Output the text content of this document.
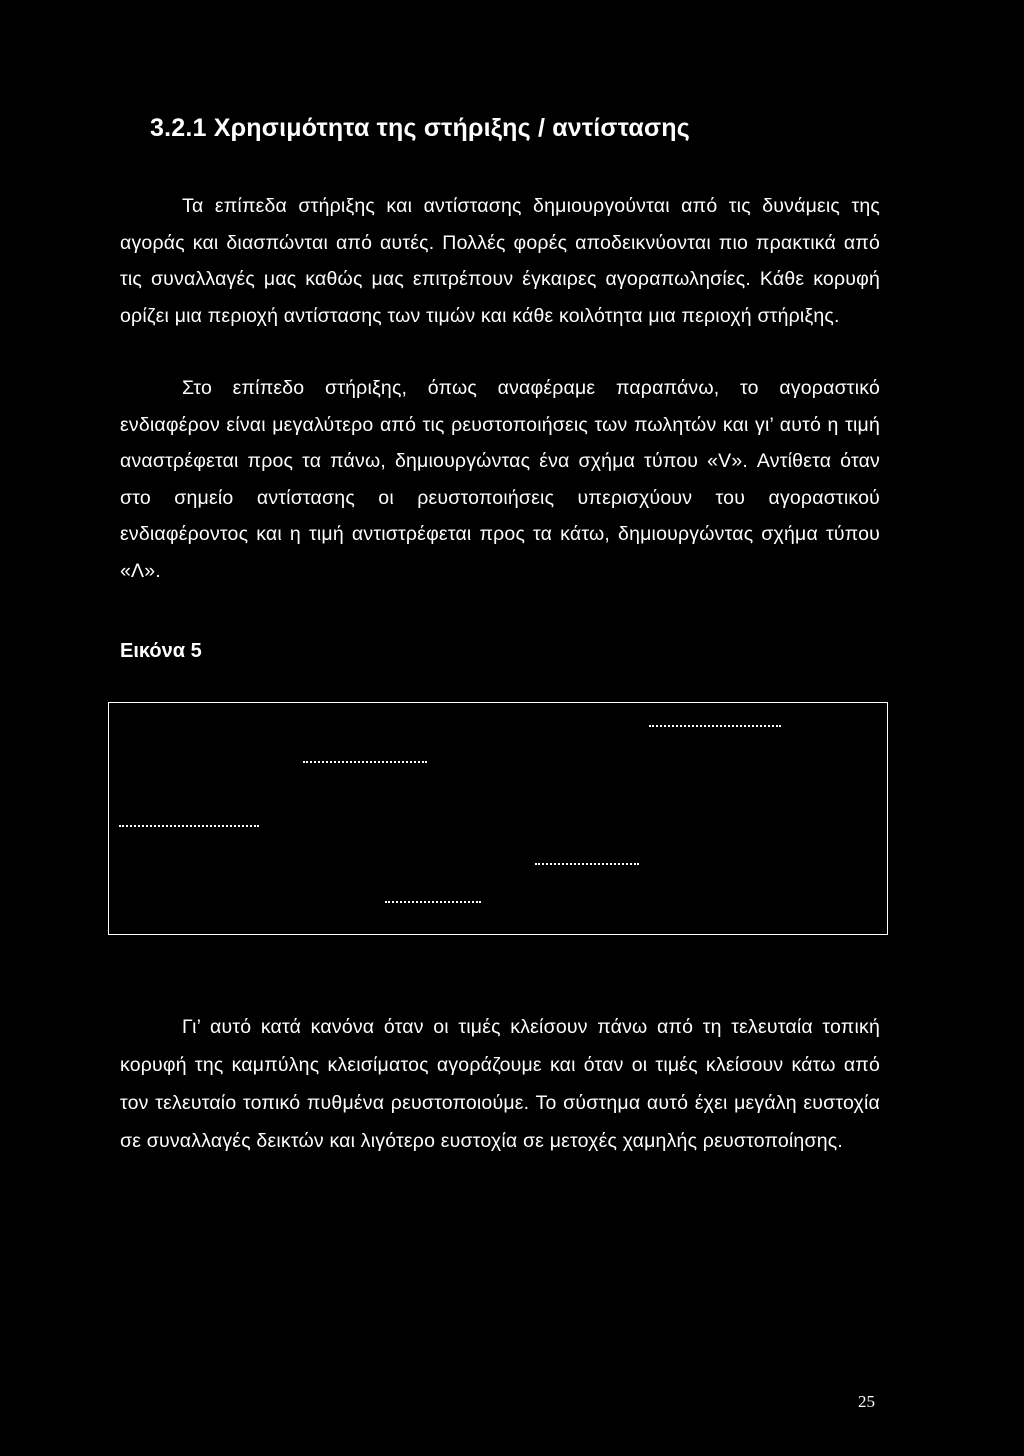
3.2.1 Χρησιμότητα της στήριξης / αντίστασης

Τα επίπεδα στήριξης και αντίστασης δημιουργούνται από τις δυνάμεις της αγοράς και διασπώνται από αυτές. Πολλές φορές αποδεικνύονται πιο πρακτικά από τις συναλλαγές μας καθώς μας επιτρέπουν έγκαιρες αγοραπωλησίες. Κάθε κορυφή ορίζει μια περιοχή αντίστασης των τιμών και κάθε κοιλότητα μια περιοχή στήριξης.

Στο επίπεδο στήριξης, όπως αναφέραμε παραπάνω, το αγοραστικό ενδιαφέρον είναι μεγαλύτερο από τις ρευστοποιήσεις των πωλητών και γι’ αυτό η τιμή αναστρέφεται προς τα πάνω, δημιουργώντας ένα σχήμα τύπου «V». Αντίθετα όταν στο σημείο αντίστασης οι ρευστοποιήσεις υπερισχύουν του αγοραστικού ενδιαφέροντος και η τιμή αντιστρέφεται προς τα κάτω, δημιουργώντας σχήμα τύπου «Λ».

Εικόνα 5

Γι’ αυτό κατά κανόνα όταν οι τιμές κλείσουν πάνω από τη τελευταία τοπική κορυφή της καμπύλης κλεισίματος αγοράζουμε και όταν οι τιμές κλείσουν κάτω από τον τελευταίο τοπικό πυθμένα ρευστοποιούμε. Το σύστημα αυτό έχει μεγάλη ευστοχία σε συναλλαγές δεικτών και λιγότερο ευστοχία σε μετοχές χαμηλής ρευστοποίησης.

25
